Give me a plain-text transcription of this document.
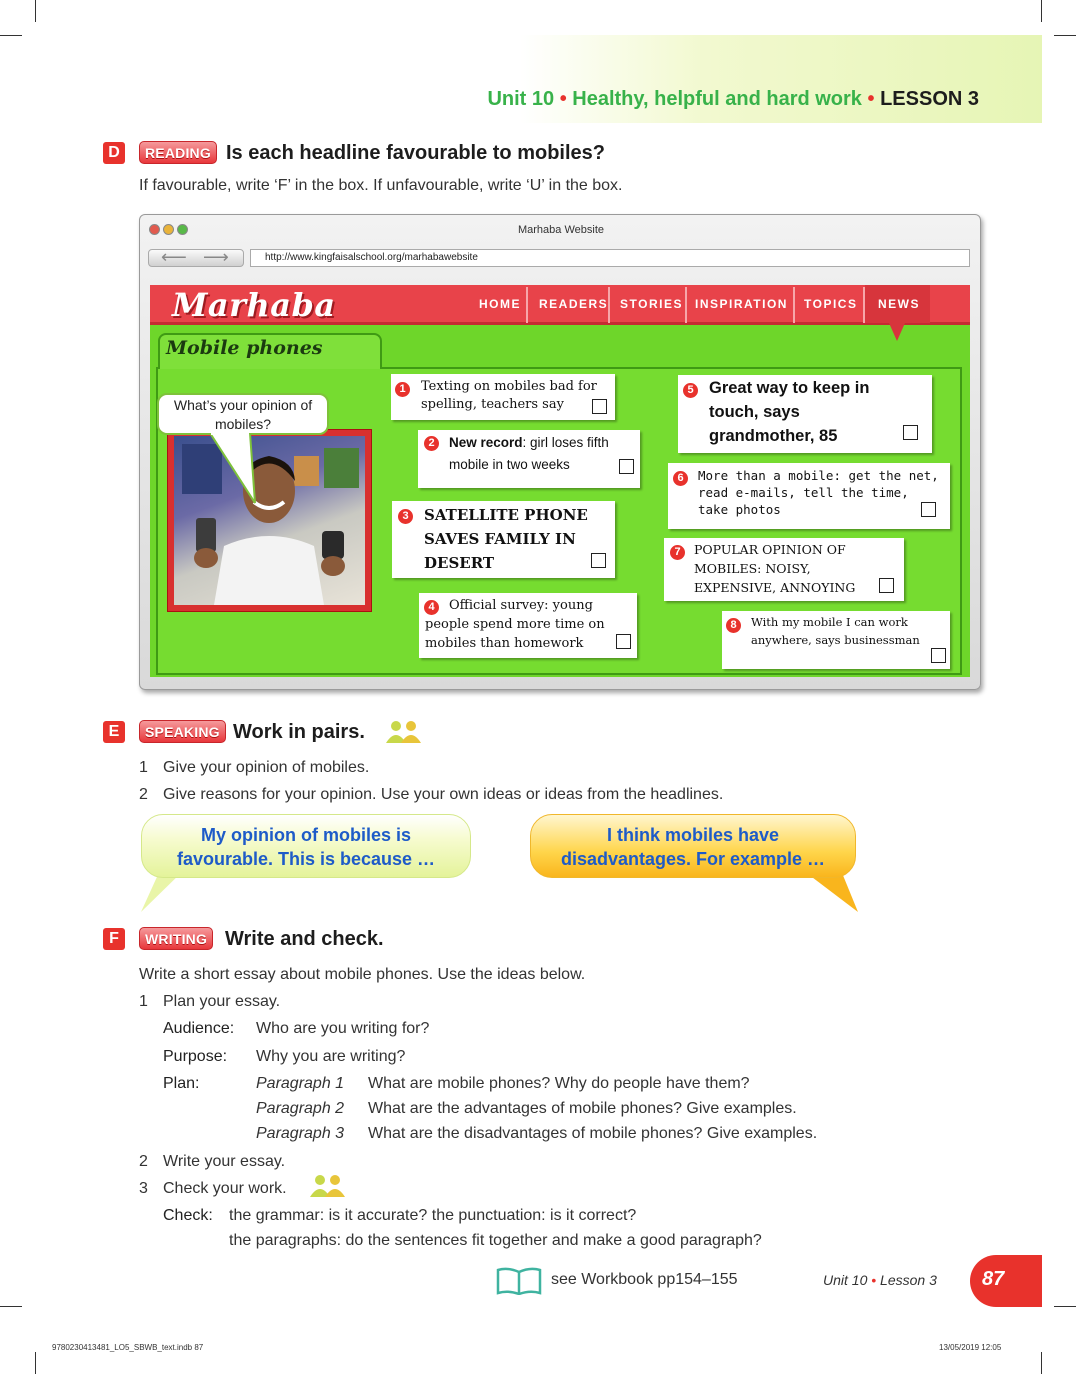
Unit 10 • Healthy, helpful and hard work • LESSON 3
D	READING Is each headline favourable to mobiles?
If favourable, write ‘F’ in the box. If unfavourable, write ‘U’ in the box.
Marhaba Website
⟵ ⟶	http://www.kingfaisalschool.org/marhabawebsite
Marhaba	HOME READERS STORIES INSPIRATION TOPICS NEWS
Mobile phones
What’s your opinion of mobiles?
1	Texting on mobiles bad for spelling, teachers say
2	New record: girl loses fifth mobile in two weeks
3 SATELLITE PHONE SAVES FAMILY IN DESERT
4	Official survey: young people spend more time on mobiles than homework
5 Great way to keep in touch, says grandmother, 85
6	More than a mobile: get the net, read e-mails, tell the time, take photos
7	POPULAR OPINION OF MOBILES: NOISY, EXPENSIVE, ANNOYING
8	With my mobile I can work anywhere, says businessman
E	SPEAKING Work in pairs.
1 Give your opinion of mobiles.
2 Give reasons for your opinion. Use your own ideas or ideas from the headlines.
My opinion of mobiles is
favourable. This is because …
I think mobiles have
disadvantages. For example …
F	WRITING Write and check.
Write a short essay about mobile phones. Use the ideas below.
1 Plan your essay.
Audience: Who are you writing for?
Purpose: Why you are writing?
Plan:	Paragraph 1 What are mobile phones? Why do people have them?
Paragraph 2 What are the advantages of mobile phones? Give examples.
Paragraph 3 What are the disadvantages of mobile phones? Give examples.
2 Write your essay.
3 Check your work.
Check: the grammar: is it accurate? the punctuation: is it correct?
the paragraphs: do the sentences fit together and make a good paragraph?
see Workbook pp154–155	Unit 10 • Lesson 3 87
9780230413481_LO5_SBWB_text.indb 87	13/05/2019 12:05
